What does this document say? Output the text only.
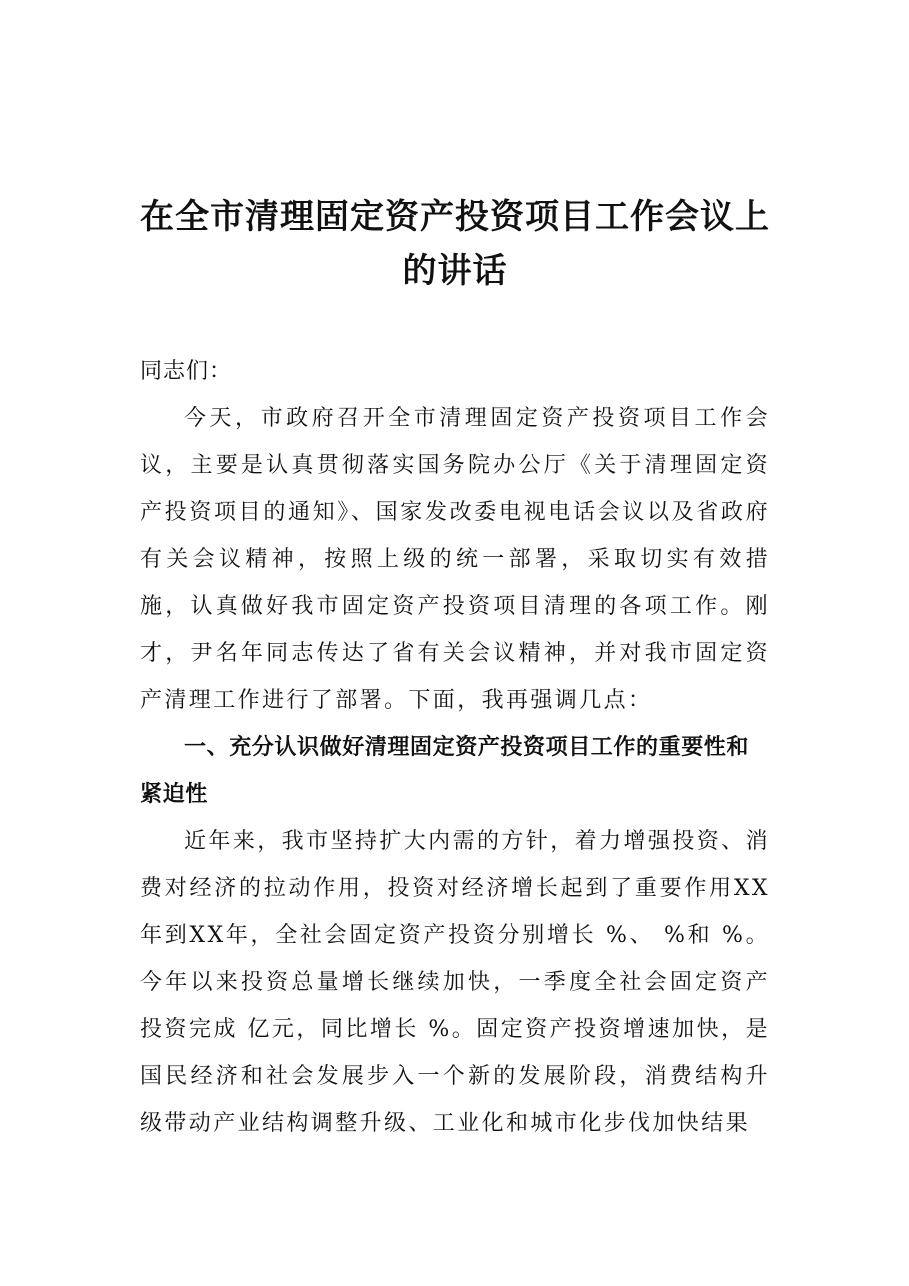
在全市清理固定资产投资项目工作会议上的讲话

同志们：

今天，市政府召开全市清理固定资产投资项目工作会议，主要是认真贯彻落实国务院办公厅《关于清理固定资产投资项目的通知》、国家发改委电视电话会议以及省政府有关会议精神，按照上级的统一部署，采取切实有效措施，认真做好我市固定资产投资项目清理的各项工作。刚才，尹名年同志传达了省有关会议精神，并对我市固定资产清理工作进行了部署。下面，我再强调几点：

一、充分认识做好清理固定资产投资项目工作的重要性和紧迫性

近年来，我市坚持扩大内需的方针，着力增强投资、消费对经济的拉动作用，投资对经济增长起到了重要作用XX年到XX年，全社会固定资产投资分别增长 %、 %和 %。今年以来投资总量增长继续加快，一季度全社会固定资产投资完成 亿元，同比增长 %。固定资产投资增速加快，是国民经济和社会发展步入一个新的发展阶段，消费结构升级带动产业结构调整升级、工业化和城市化步伐加快结果
